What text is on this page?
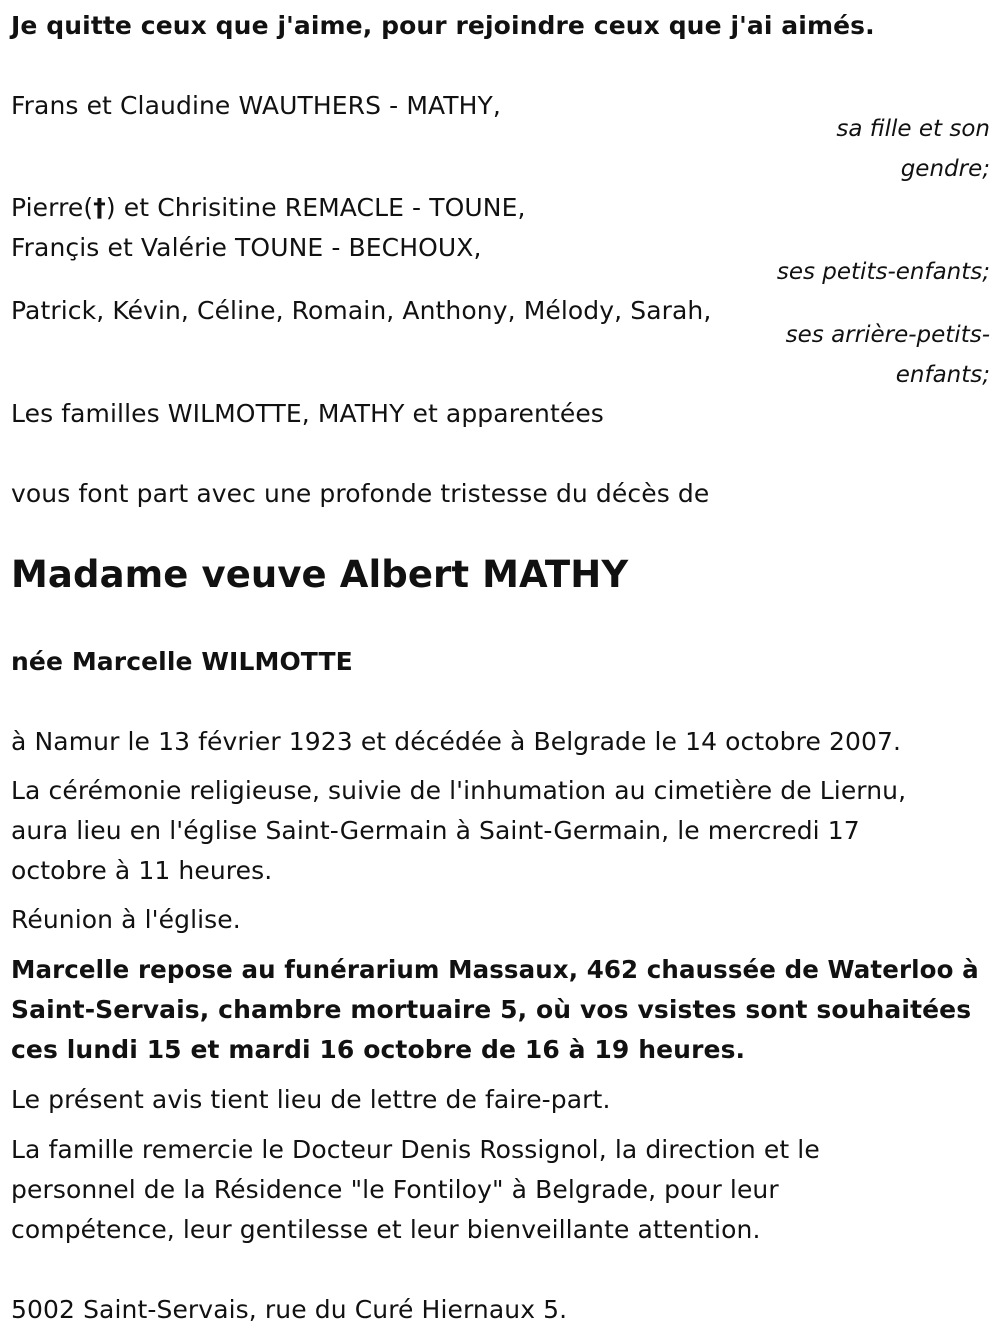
Je quitte ceux que j'aime, pour rejoindre ceux que j'ai aimés.
Frans et Claudine WAUTHERS - MATHY,
sa fille et son
gendre;
Pierre(†) et Chrisitine REMACLE - TOUNE,
Françis et Valérie TOUNE - BECHOUX,
ses petits-enfants;
Patrick, Kévin, Céline, Romain, Anthony, Mélody, Sarah,
ses arrière-petits-
enfants;
Les familles WILMOTTE, MATHY et apparentées
vous font part avec une profonde tristesse du décès de
Madame veuve Albert MATHY
née Marcelle WILMOTTE
à Namur le 13 février 1923 et décédée à Belgrade le 14 octobre 2007.
La cérémonie religieuse, suivie de l'inhumation au cimetière de Liernu,
aura lieu en l'église Saint-Germain à Saint-Germain, le mercredi 17
octobre à 11 heures.
Réunion à l'église.
Marcelle repose au funérarium Massaux, 462 chaussée de Waterloo à
Saint-Servais, chambre mortuaire 5, où vos vsistes sont souhaitées
ces lundi 15 et mardi 16 octobre de 16 à 19 heures.
Le présent avis tient lieu de lettre de faire-part.
La famille remercie le Docteur Denis Rossignol, la direction et le
personnel de la Résidence "le Fontiloy" à Belgrade, pour leur
compétence, leur gentilesse et leur bienveillante attention.
5002 Saint-Servais, rue du Curé Hiernaux 5.
